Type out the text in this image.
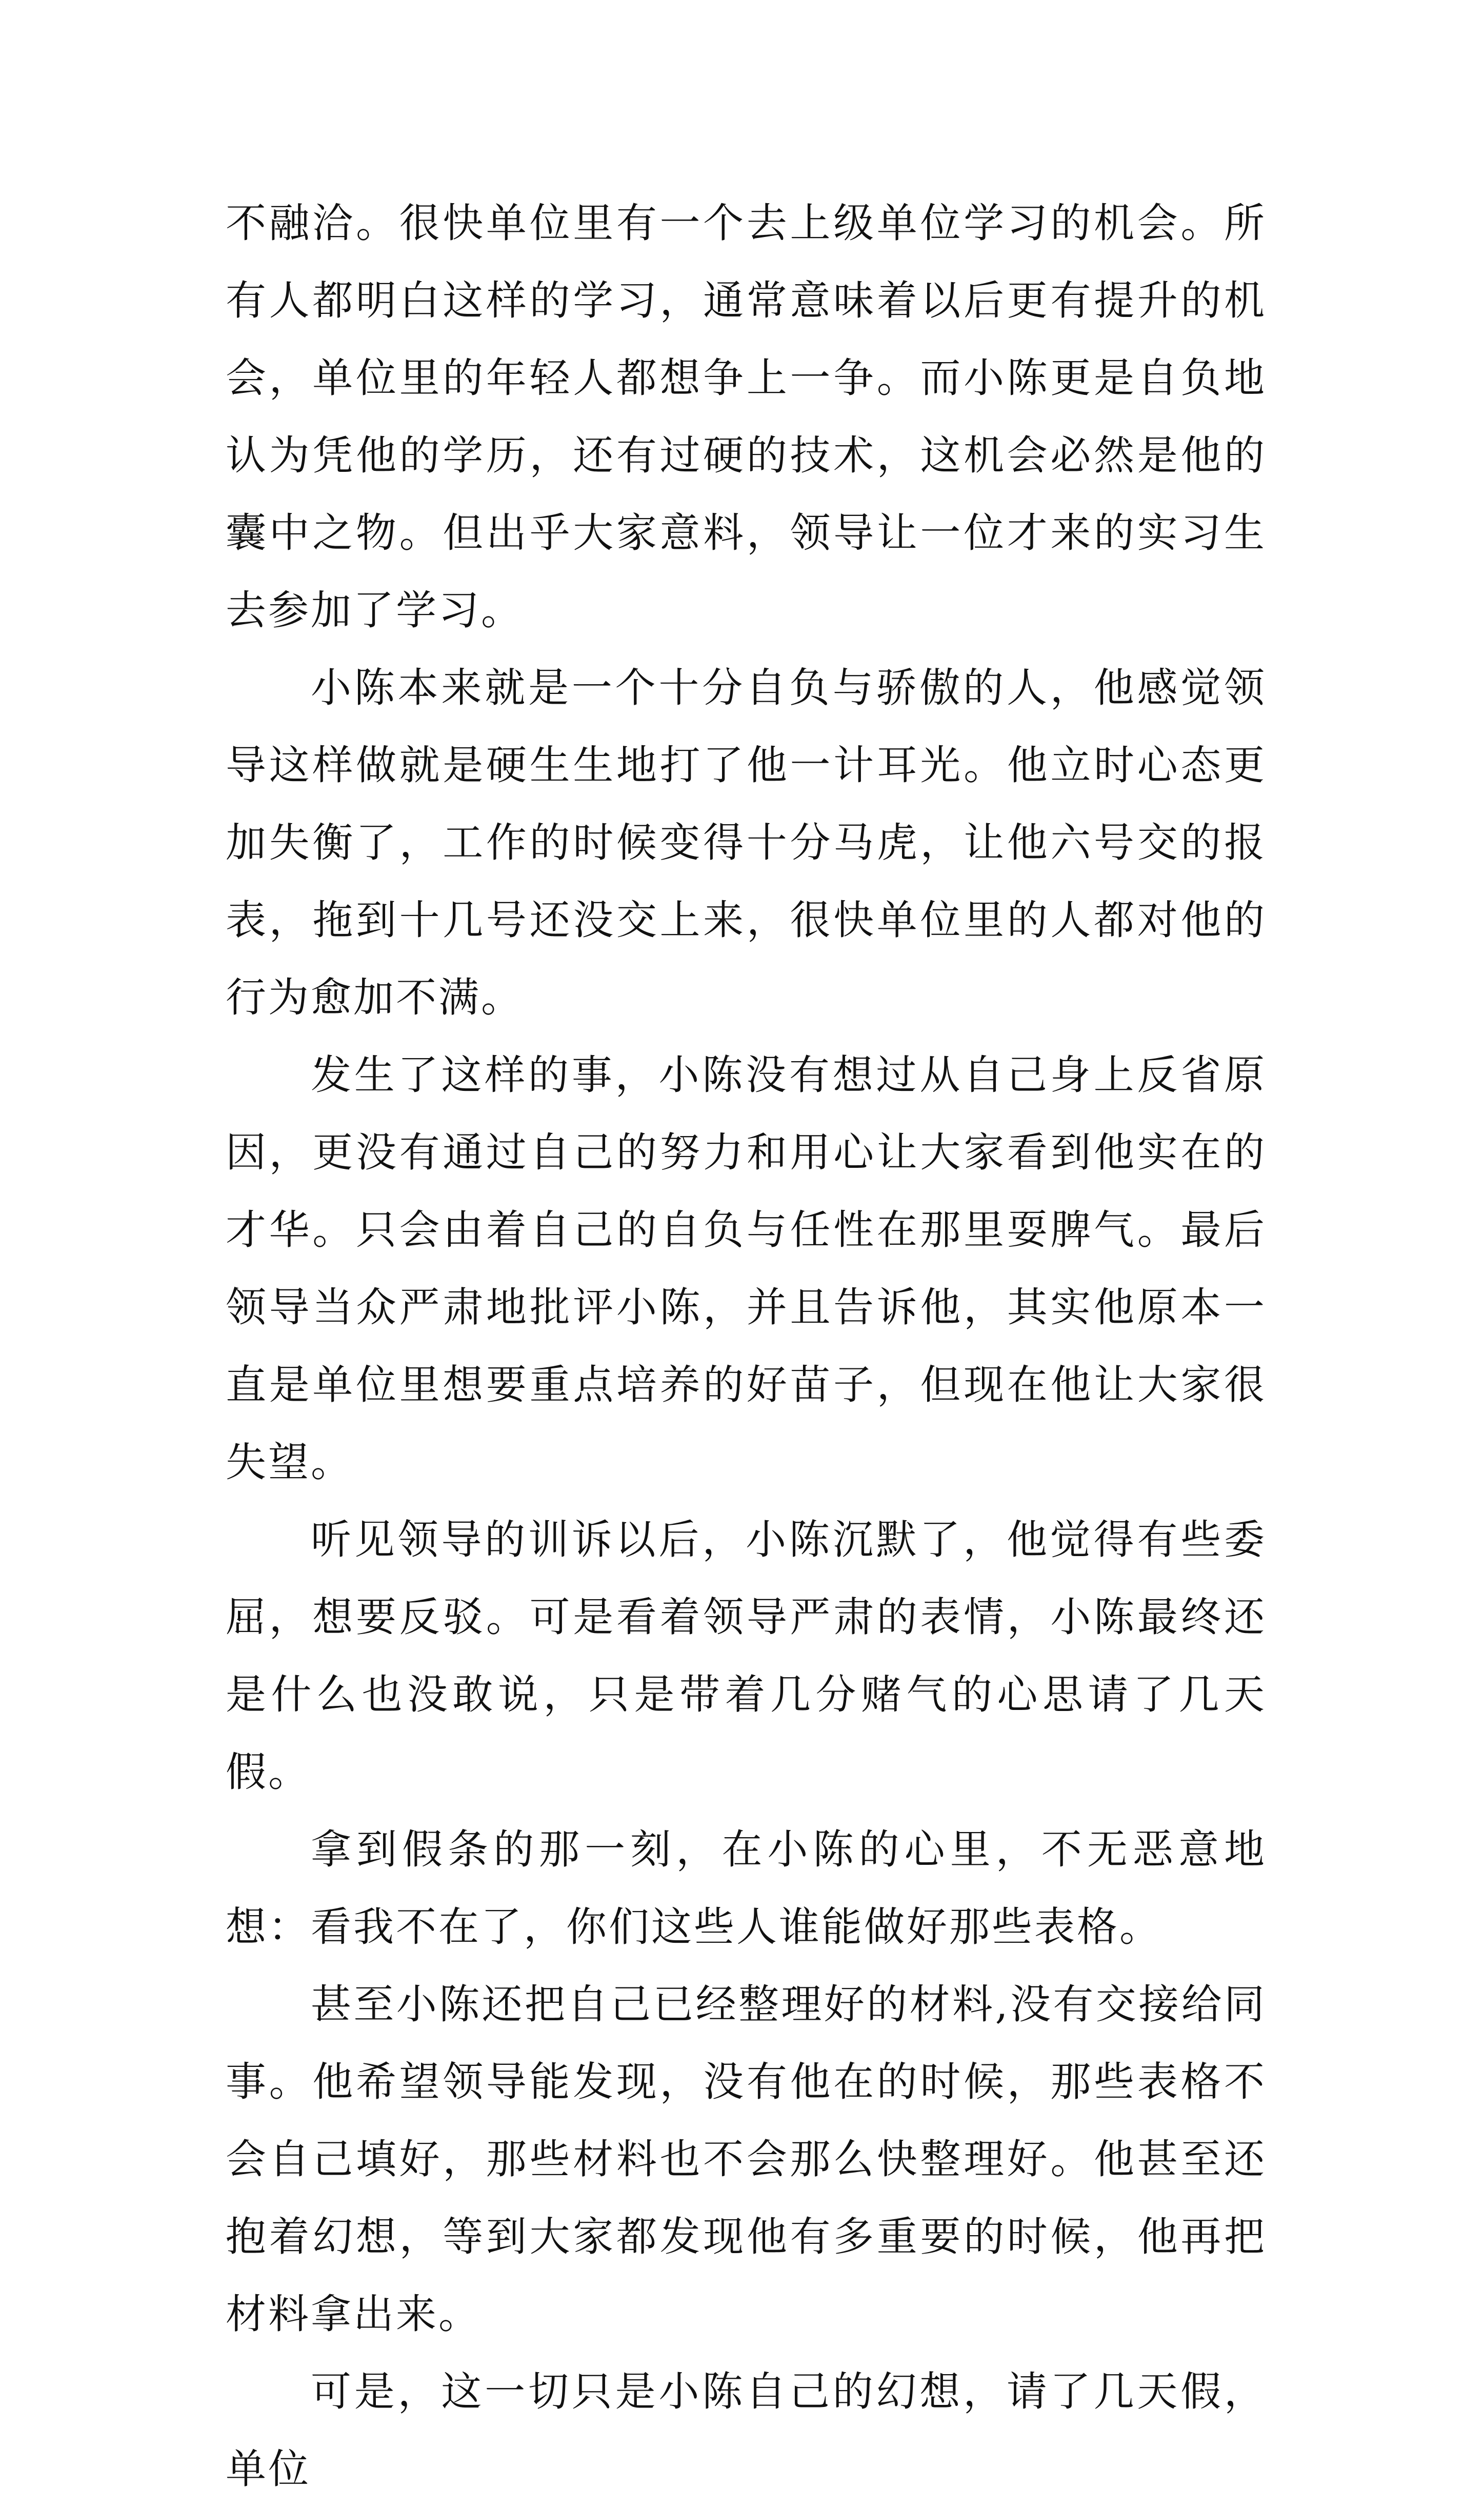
不融洽。很快单位里有一个去上级单位学习的机会。所有人都明白这样的学习，通常意味着以后更有提升的机会，单位里的年轻人都想争上一争。而小陈更是自负地认为凭他的学历，还有过硬的技术，这机会必然是他的囊中之物。但出乎大家意料，领导让一位才来的实习生去参加了学习。

小陈本来就是一个十分自负与骄傲的人，他感觉领导这样做就是硬生生地打了他一计耳光。他立时心态更加失衡了，工作的时候变得十分马虎，让他六号交的报表，拖到十几号还没交上来，很快单位里的人都对他的行为愈加不满。

发生了这样的事，小陈没有想过从自己身上反省原因，更没有通过自己的努力和用心让大家看到他实在的才华。只会由着自己的自负与任性在那里耍脾气。最后领导当众严肃地批评小陈，并且告诉他，其实他原本一直是单位里想要重点培养的好苗子，但现在他让大家很失望。

听见领导的训诉以后，小陈沉默了，他觉得有些委屈，想要反驳。可是看着领导严肃的表情，小陈最终还是什么也没敢说，只是带着几分赌气的心思请了几天假。

拿到假条的那一刻，在小陈的心里，不无恶意地想：看我不在了，你们这些人谁能做好那些表格。

甚至小陈还把自己已经整理好的材料,没有交接给同事。他希望领导能发现，没有他在的时候，那些表格不会自己填好，那些材料也不会那么快整理好。他甚至还抱着幻想，等到大家都发现他有多重要的时候，他再把材料拿出来。

可是，这一切只是小陈自己的幻想，请了几天假，单位
